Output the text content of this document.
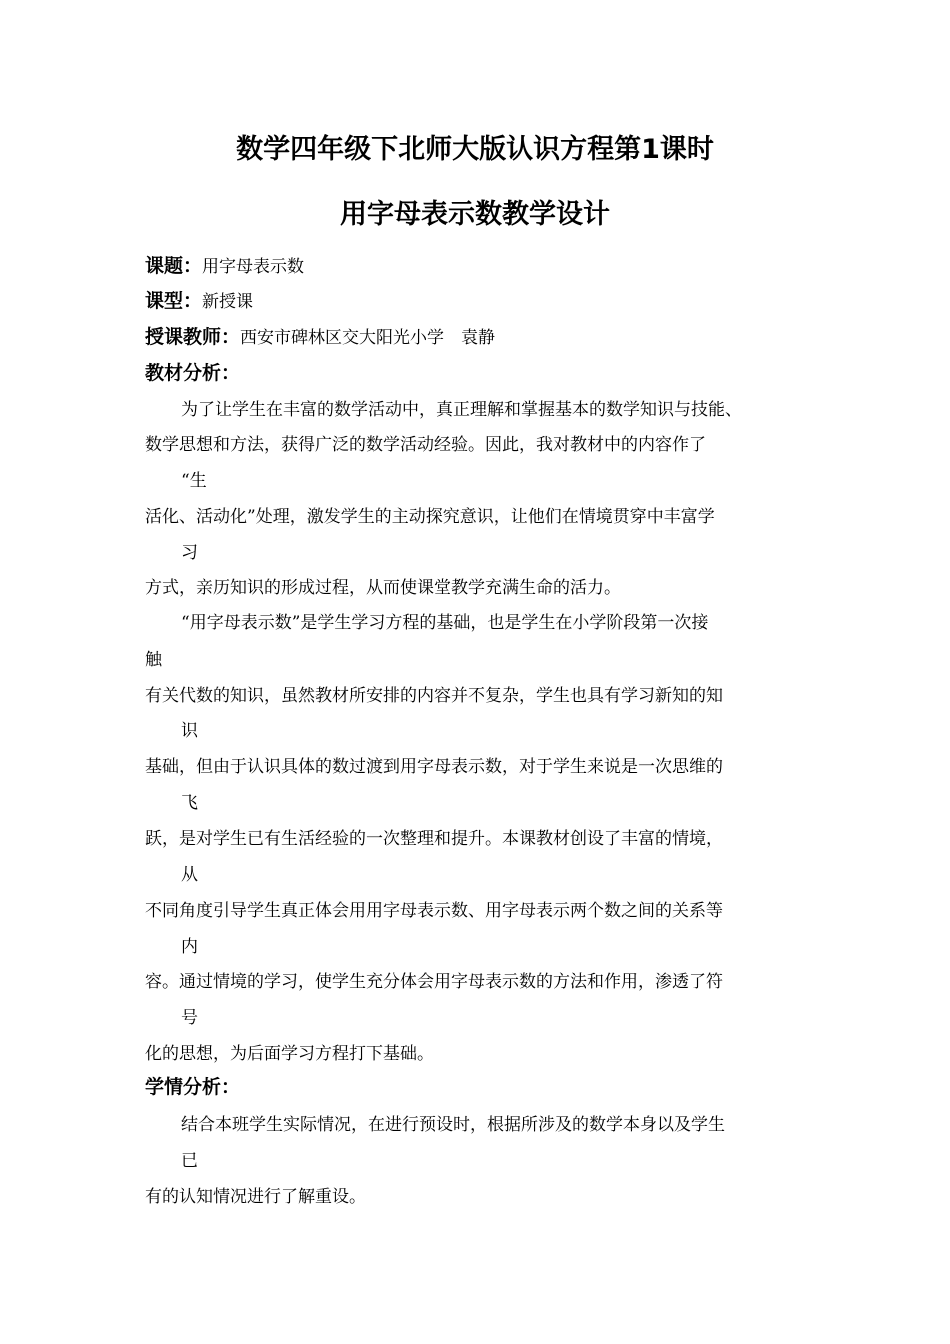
数学四年级下北师大版认识方程第1课时
用字母表示数教学设计

课题：用字母表示数

课型：新授课

授课教师：西安市碑林区交大阳光小学　袁静

教材分析：

为了让学生在丰富的数学活动中，真正理解和掌握基本的数学知识与技能、

数学思想和方法，获得广泛的数学活动经验。因此，我对教材中的内容作了

“生

活化、活动化”处理，激发学生的主动探究意识，让他们在情境贯穿中丰富学

习

方式，亲历知识的形成过程，从而使课堂教学充满生命的活力。

“用字母表示数”是学生学习方程的基础，也是学生在小学阶段第一次接

触

有关代数的知识，虽然教材所安排的内容并不复杂，学生也具有学习新知的知

识

基础，但由于认识具体的数过渡到用字母表示数，对于学生来说是一次思维的

飞

跃，是对学生已有生活经验的一次整理和提升。本课教材创设了丰富的情境，

从

不同角度引导学生真正体会用用字母表示数、用字母表示两个数之间的关系等

内

容。通过情境的学习，使学生充分体会用字母表示数的方法和作用，渗透了符

号

化的思想，为后面学习方程打下基础。

学情分析：

结合本班学生实际情况，在进行预设时，根据所涉及的数学本身以及学生

已

有的认知情况进行了解重设。
